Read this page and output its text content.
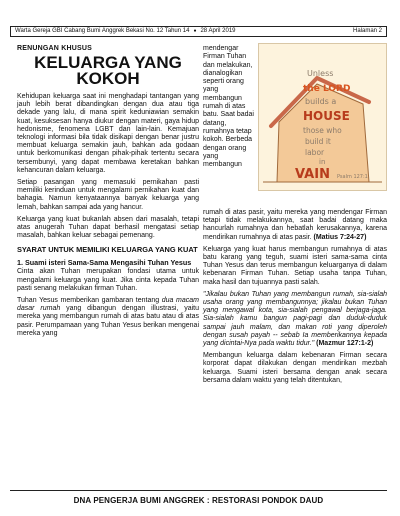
Warta Gereja GBI Cabang Bumi Anggrek Bekasi No. 12 Tahun 14 ● 28 April 2019	Halaman 2
RENUNGAN KHUSUS
KELUARGA YANG
KOKOH

Kehidupan keluarga saat ini menghadapi tantangan yang jauh lebih berat dibandingkan dengan dua atau tiga dekade yang lalu, di mana spirit keduniawian semakin kuat, kesuksesan hanya diukur dengan materi, gaya hidup hedonisme, fenomena LGBT dan lain-lain. Kemajuan teknologi informasi bila tidak disikapi dengan benar justru membuat keluarga semakin jauh, bahkan ada godaan untuk berkomunikasi dengan pihak-pihak tertentu secara tersembunyi, yang dapat membawa keretakan bahkan kehancuran dalam keluarga.

Setiap pasangan yang memasuki pernikahan pasti memiliki kerinduan untuk mengalami pernikahan kuat dan bahagia. Namun kenyataannya banyak keluarga yang lemah, bahkan sampai ada yang hancur.

Keluarga yang kuat bukanlah absen dari masalah, tetapi atas anugerah Tuhan dapat berhasil mengatasi setiap masalah, bahkan keluar sebagai pemenang.

SYARAT UNTUK MEMILIKI KELUARGA YANG KUAT
1. Suami isteri Sama-Sama Mengasihi Tuhan Yesus

Cinta akan Tuhan merupakan fondasi utama untuk mengalami keluarga yang kuat. Jika cinta kepada Tuhan pasti senang melakukan firman Tuhan.

Tuhan Yesus memberikan gambaran tentang dua macam dasar rumah yang dibangun dengan illustrasi, yaitu mereka yang membangun rumah di atas batu atau di atas pasir. Perumpamaan yang Tuhan Yesus berikan mengenai mereka yang

mendengar Firman Tuhan dan melakukan, dianalogikan seperti orang yang membangun rumah di atas batu. Saat badai datang, rumahnya tetap kokoh. Berbeda dengan orang yang membangun

Unless
the LORD
builds a
HOUSE
those who
build it
labor
in
VAIN Psalm 127:1

rumah di atas pasir, yaitu mereka yang mendengar Firman tetapi tidak melakukannya, saat badai datang maka hancurlah rumahnya dan hebatlah kerusakannya, karena mendirikan rumahnya di atas pasir. (Matius 7:24-27)

Keluarga yang kuat harus membangun rumahnya di atas batu karang yang teguh, suami isteri sama-sama cinta Tuhan Yesus dan terus membangun keluarganya di dalam kebenaran Firman Tuhan. Setiap usaha tanpa Tuhan, maka hasil dan tujuannya pasti salah.

"Jikalau bukan Tuhan yang membangun rumah, sia-sialah usaha orang yang membangunnya; jikalau bukan Tuhan yang mengawal kota, sia-sialah pengawal berjaga-jaga. Sia-sialah kamu bangun pagi-pagi dan duduk-duduk sampai jauh malam, dan makan roti yang diperoleh dengan susah payah -- sebab Ia memberikannya kepada yang dicintai-Nya pada waktu tidur." (Mazmur 127:1-2)

Membangun keluarga dalam kebenaran Firman secara korporat dapat dilakukan dengan mendirikan mezbah keluarga. Suami isteri bersama dengan anak secara bersama dalam waktu yang telah ditentukan,

DNA PENGERJA BUMI ANGGREK : RESTORASI PONDOK DAUD
